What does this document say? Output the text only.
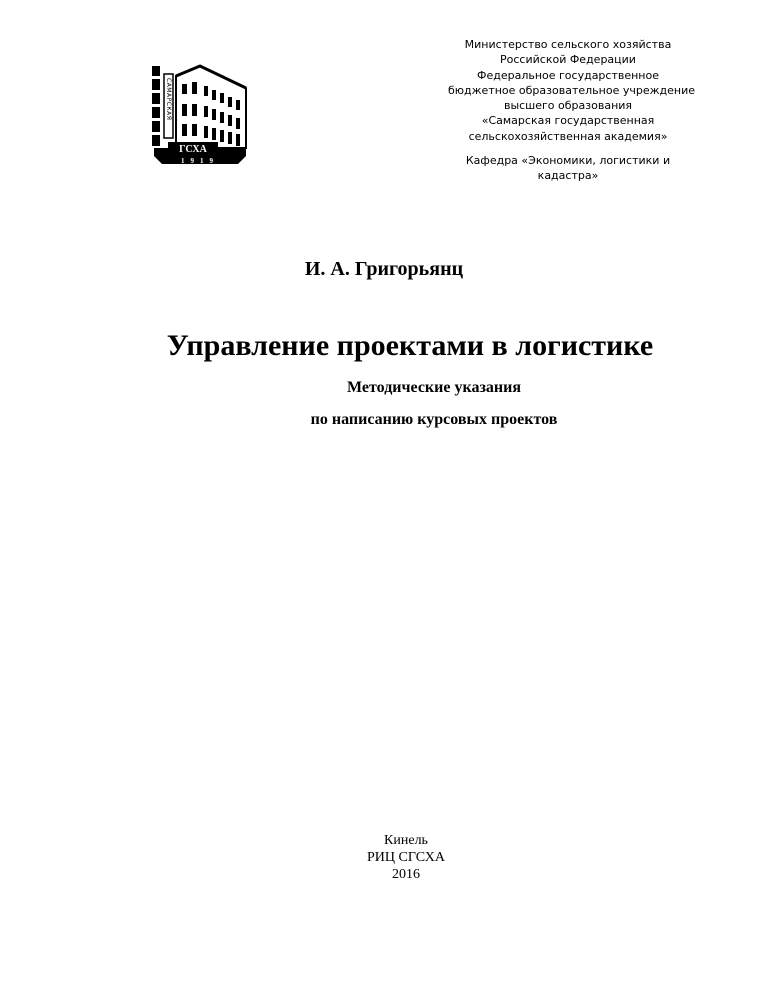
САМАРСКАЯ
ГСХА
1919
Министерство сельского хозяйства
Российской Федерации
Федеральное государственное
бюджетное образовательное учреждение
высшего образования
«Самарская государственная
сельскохозяйственная академия»
Кафедра «Экономики, логистики и
кадастра»
И. А. Григорьянц
Управление проектами в логистике
Методические указания
по написанию курсовых проектов
Кинель
РИЦ СГСХА
2016
